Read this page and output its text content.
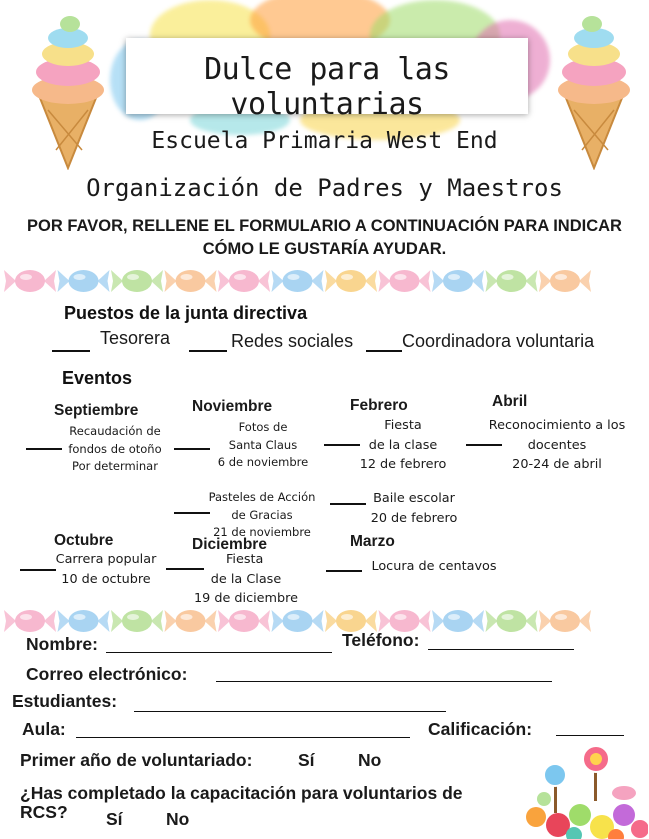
Dulce para las voluntarias
Escuela Primaria West End
Organización de Padres y Maestros
POR FAVOR, RELLENE EL FORMULARIO A CONTINUACIÓN PARA INDICAR CÓMO LE GUSTARÍA AYUDAR.
Puestos de la junta directiva
Tesorera	Redes sociales	Coordinadora voluntaria
Eventos
Septiembre
Recaudación de
fondos de otoño
Por determinar
Octubre
Carrera popular
10 de octubre
Noviembre
Fotos de
Santa Claus
6 de noviembre
Pasteles de Acción
de Gracias
21 de noviembre
Diciembre
Fiesta
de la Clase
19 de diciembre
Febrero
Fiesta
de la clase
12 de febrero
Baile escolar
20 de febrero
Marzo
Locura de centavos
Abril
Reconocimiento a los
docentes
20-24 de abril
Nombre:	Teléfono:
Correo electrónico:
Estudiantes:
Aula:	Calificación:
Primer año de voluntariado:	Sí No
¿Has completado la capacitación para voluntarios de
RCS? Sí No
